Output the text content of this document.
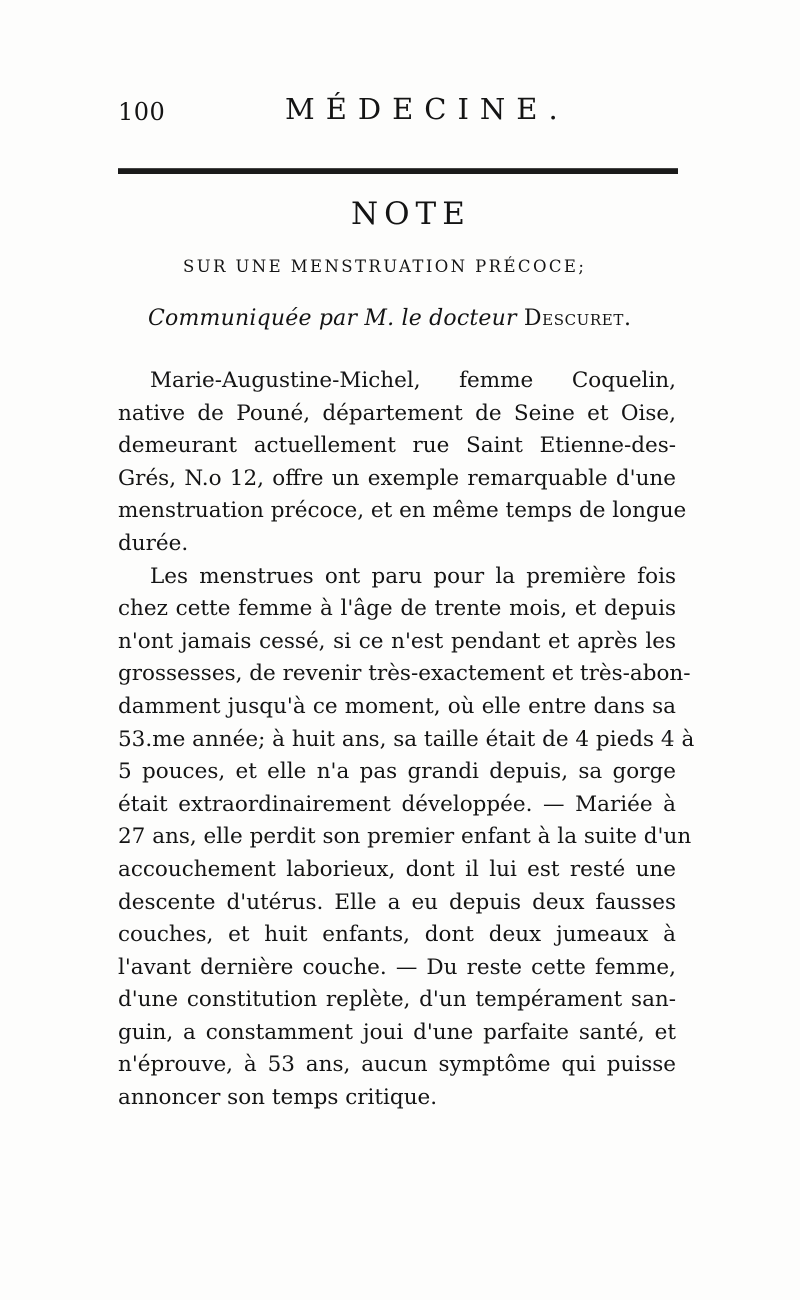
100	MÉDECINE.
NOTE
SUR UNE MENSTRUATION PRÉCOCE;
Communiquée par M. le docteur Descuret.
Marie-Augustine-Michel, femme Coquelin,
native de Pouné, département de Seine et Oise,
demeurant actuellement rue Saint Etienne-des-
Grés, N.o 12, offre un exemple remarquable d'une
menstruation précoce, et en même temps de longue
durée.
Les menstrues ont paru pour la première fois
chez cette femme à l'âge de trente mois, et depuis
n'ont jamais cessé, si ce n'est pendant et après les
grossesses, de revenir très-exactement et très-abon-
damment jusqu'à ce moment, où elle entre dans sa
53.me année; à huit ans, sa taille était de 4 pieds 4 à
5 pouces, et elle n'a pas grandi depuis, sa gorge
était extraordinairement développée. — Mariée à
27 ans, elle perdit son premier enfant à la suite d'un
accouchement laborieux, dont il lui est resté une
descente d'utérus. Elle a eu depuis deux fausses
couches, et huit enfants, dont deux jumeaux à
l'avant dernière couche. — Du reste cette femme,
d'une constitution replète, d'un tempérament san-
guin, a constamment joui d'une parfaite santé, et
n'éprouve, à 53 ans, aucun symptôme qui puisse
annoncer son temps critique.
